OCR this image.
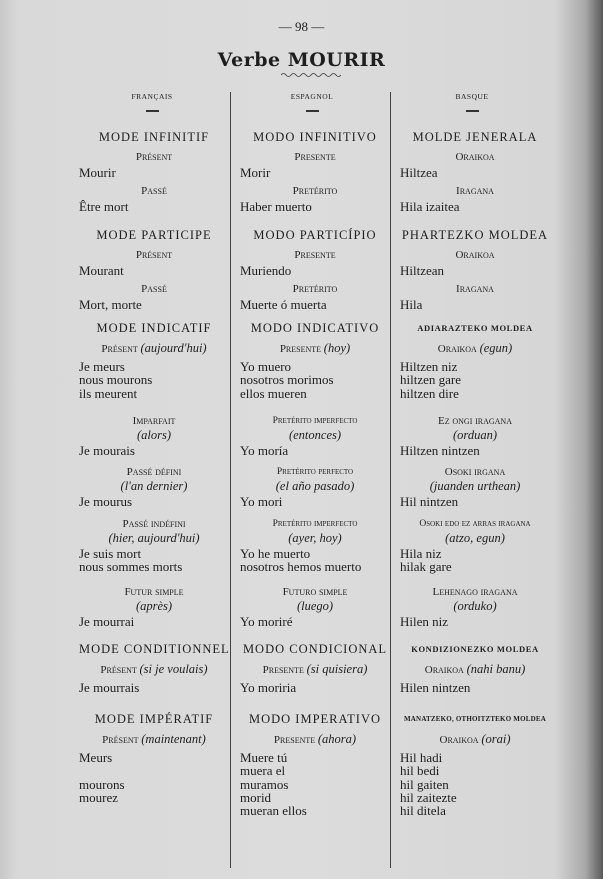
— 98 —
Verbe MOURIR
FRANÇAIS	ESPAGNOL	BASQUE
MODE INFINITIF
Présent
Mourir
Passé
Être mort
MODO INFINITIVO
Presente
Morir
Pretérito
Haber muerto
MOLDE JENERALA
Oraikoa
Hiltzea
Iragana
Hila izaitea
MODE PARTICIPE
Présent
Mourant
Passé
Mort, morte
MODO PARTICÍPIO
Presente
Muriendo
Pretérito
Muerte ó muerta
PHARTEZKO MOLDEA
Oraikoa
Hiltzean
Iragana
Hila
MODE INDICATIF
Présent (aujourd'hui)
Je meurs
nous mourons
ils meurent
MODO INDICATIVO
Presente (hoy)
Yo muero
nosotros morimos
ellos mueren
ADIARAZTEKO MOLDEA
Oraikoa (egun)
Hiltzen niz
hiltzen gare
hiltzen dire
Imparfait
(alors)
Je mourais
Pretérito imperfecto
(entonces)
Yo moría
Ez ongi iragana
(orduan)
Hiltzen nintzen
Passé défini
(l'an dernier)
Je mourus
Pretérito perfecto
(el año pasado)
Yo mori
Osoki irgana
(juanden urthean)
Hil nintzen
Passé indéfini
(hier, aujourd'hui)
Je suis mort
nous sommes morts
Pretérito imperfecto
(ayer, hoy)
Yo he muerto
nosotros hemos muerto
Osoki edo ez arras iragana
(atzo, egun)
Hila niz
hilak gare
Futur simple
(après)
Je mourrai
Futuro simple
(luego)
Yo moriré
Lehenago iragana
(orduko)
Hilen niz
MODE CONDITIONNEL
Présent (si je voulais)
Je mourrais
MODO CONDICIONAL
Presente (si quisiera)
Yo moriria
KONDIZIONEZKO MOLDEA
Oraikoa (nahi banu)
Hilen nintzen
MODE IMPÉRATIF
Présent (maintenant)
Meurs
mourons
mourez
MODO IMPERATIVO
Presente (ahora)
Muere tú
muera el
muramos
morid
mueran ellos
MANATZEKO, OTHOITZTEKO MOLDEA
Oraikoa (orai)
Hil hadi
hil bedi
hil gaiten
hil zaitezte
hil ditela
